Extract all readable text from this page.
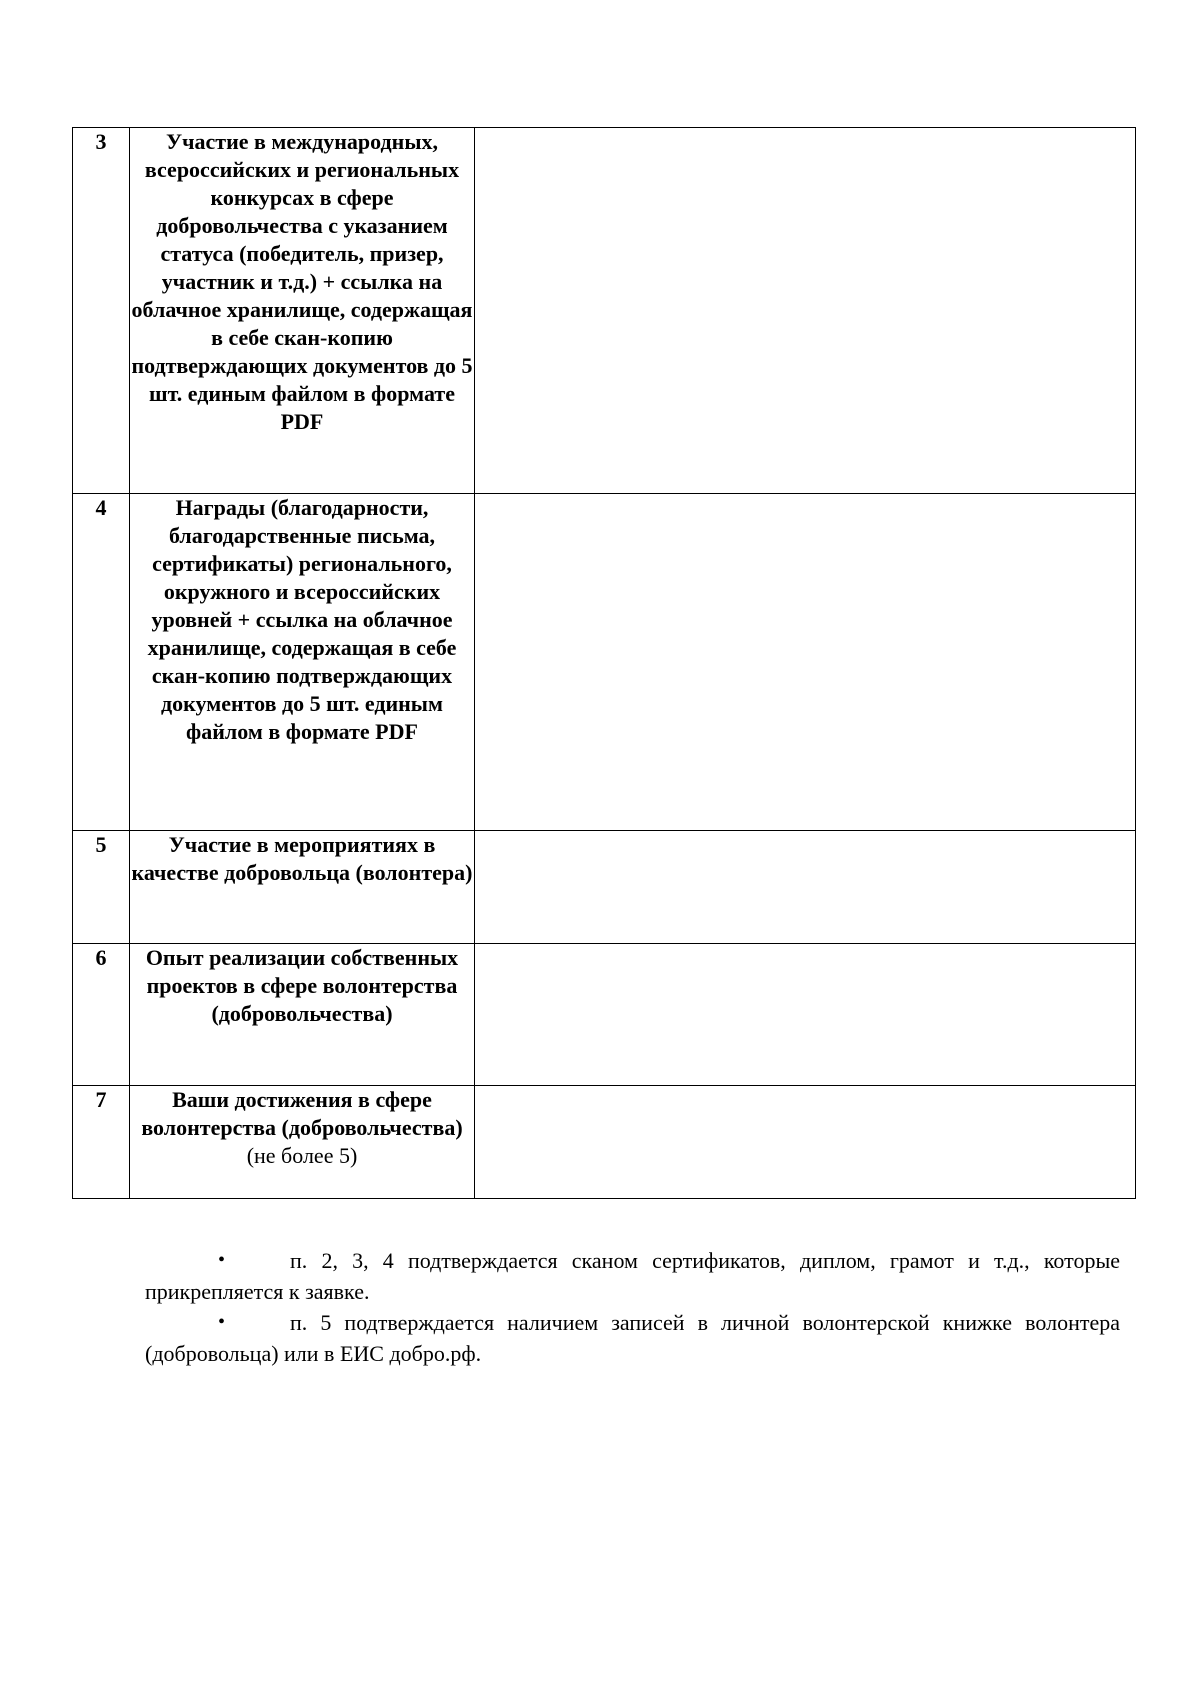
3	Участие в международных, всероссийских и региональных конкурсах в сфере добровольчества с указанием статуса (победитель, призер, участник и т.д.) + ссылка на облачное хранилище, содержащая в себе скан-копию подтверждающих документов до 5 шт. единым файлом в формате PDF	
4	Награды (благодарности, благодарственные письма, сертификаты) регионального, окружного и всероссийских уровней + ссылка на облачное хранилище, содержащая в себе скан-копию подтверждающих документов до 5 шт. единым файлом в формате PDF	
5	Участие в мероприятиях в качестве добровольца (волонтера)	
6	Опыт реализации собственных проектов в сфере волонтерства (добровольчества)	
7	Ваши достижения в сфере волонтерства (добровольчества)
(не более 5)	

•	п. 2, 3, 4 подтверждается сканом сертификатов, диплом, грамот и т.д., которые прикрепляется к заявке.
•	п. 5 подтверждается наличием записей в личной волонтерской книжке волонтера (добровольца) или в ЕИС добро.рф.
